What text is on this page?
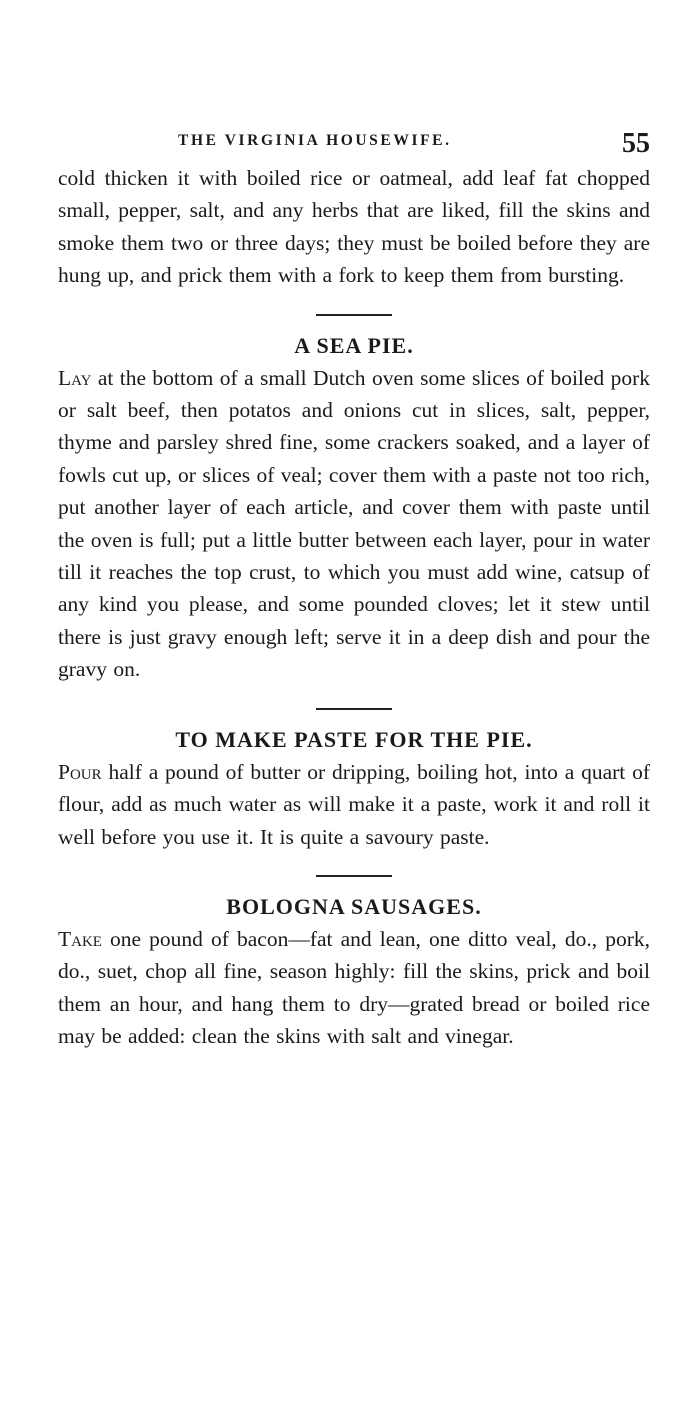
THE VIRGINIA HOUSEWIFE.	55

cold thicken it with boiled rice or oatmeal, add leaf fat chopped small, pepper, salt, and any herbs that are liked, fill the skins and smoke them two or three days; they must be boiled before they are hung up, and prick them with a fork to keep them from bursting.

A SEA PIE.

Lay at the bottom of a small Dutch oven some slices of boiled pork or salt beef, then potatos and onions cut in slices, salt, pepper, thyme and parsley shred fine, some crackers soaked, and a layer of fowls cut up, or slices of veal; cover them with a paste not too rich, put another layer of each article, and cover them with paste until the oven is full; put a little butter between each layer, pour in water till it reaches the top crust, to which you must add wine, catsup of any kind you please, and some pounded cloves; let it stew until there is just gravy enough left; serve it in a deep dish and pour the gravy on.

TO MAKE PASTE FOR THE PIE.

Pour half a pound of butter or dripping, boiling hot, into a quart of flour, add as much water as will make it a paste, work it and roll it well before you use it. It is quite a savoury paste.

BOLOGNA SAUSAGES.

Take one pound of bacon—fat and lean, one ditto veal, do., pork, do., suet, chop all fine, season highly: fill the skins, prick and boil them an hour, and hang them to dry—grated bread or boiled rice may be added: clean the skins with salt and vinegar.
